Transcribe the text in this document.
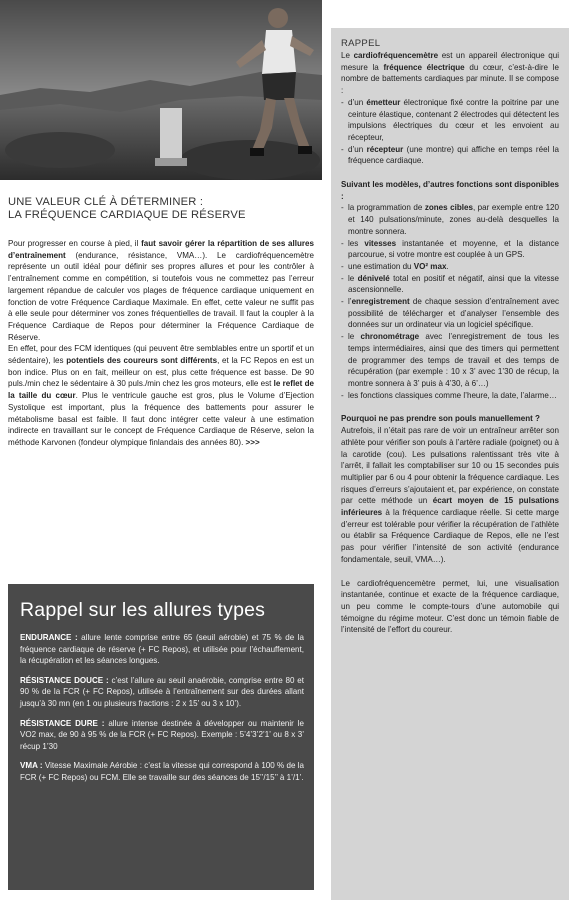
UNE VALEUR CLÉ À DÉTERMINER :
LA FRÉQUENCE CARDIAQUE DE RÉSERVE

Pour progresser en course à pied, il faut savoir gérer la répartition de ses allures d’entraînement (endurance, résistance, VMA…). Le cardiofréquencemètre représente un outil idéal pour définir ses propres allures et pour les contrôler à l’entraînement comme en compétition, si toutefois vous ne commettez pas l’erreur largement répandue de calculer vos plages de fréquence cardiaque uniquement en fonction de votre Fréquence Cardiaque Maximale. En effet, cette valeur ne suffit pas à elle seule pour déterminer vos zones fréquentielles de travail. Il faut la coupler à la Fréquence Cardiaque de Repos pour déterminer la Fréquence Cardiaque de Réserve.

En effet, pour des FCM identiques (qui peuvent être semblables entre un sportif et un sédentaire), les potentiels des coureurs sont différents, et la FC Repos en est un bon indice. Plus on en fait, meilleur on est, plus cette fréquence est basse. De 90 puls./min chez le sédentaire à 30 puls./min chez les gros moteurs, elle est le reflet de la taille du cœur. Plus le ventricule gauche est gros, plus le Volume d’Ejection Systolique est important, plus la fréquence des battements pour assurer le métabolisme basal est faible. Il faut donc intégrer cette valeur à une estimation indirecte en travaillant sur le concept de Fréquence Cardiaque de Réserve, selon la méthode Karvonen (fondeur olympique finlandais des années 80). >>>

Rappel sur les allures types

ENDURANCE : allure lente comprise entre 65 (seuil aérobie) et 75 % de la fréquence cardiaque de réserve (+ FC Repos), et utilisée pour l’échauffement, la récupération et les séances longues.

RÉSISTANCE DOUCE : c’est l’allure au seuil anaérobie, comprise entre 80 et 90 % de la FCR (+ FC Repos), utilisée à l’entraînement sur des durées allant jusqu’à 30 mn (en 1 ou plusieurs fractions : 2 x 15’ ou 3 x 10’).

RÉSISTANCE DURE : allure intense destinée à développer ou maintenir le VO2 max, de 90 à 95 % de la FCR (+ FC Repos). Exemple : 5’4’3’2’1’ ou 8 x 3’ récup 1’30

VMA : Vitesse Maximale Aérobie : c’est la vitesse qui correspond à 100 % de la FCR (+ FC Repos) ou FCM. Elle se travaille sur des séances de 15’’/15’’ à 1’/1’.

RAPPEL

Le cardiofréquencemètre est un appareil électronique qui mesure la fréquence électrique du cœur, c’est-à-dire le nombre de battements cardiaques par minute. Il se compose :

- d’un émetteur électronique fixé contre la poitrine par une ceinture élastique, contenant 2 électrodes qui détectent les impulsions électriques du cœur et les envoient au récepteur,
- d’un récepteur (une montre) qui affiche en temps réel la fréquence cardiaque.

Suivant les modèles, d’autres fonctions sont disponibles :

- la programmation de zones cibles, par exemple entre 120 et 140 pulsations/minute, zones au-delà desquelles la montre sonnera.
- les vitesses instantanée et moyenne, et la distance parcourue, si votre montre est couplée à un GPS.
- une estimation du VO² max.
- le dénivelé total en positif et négatif, ainsi que la vitesse ascensionnelle.
- l’enregistrement de chaque session d’entraînement avec possibilité de télécharger et d’analyser l’ensemble des données sur un ordinateur via un logiciel spécifique.
- le chronométrage avec l’enregistrement de tous les temps intermédiaires, ainsi que des timers qui permettent de programmer des temps de travail et des temps de récupération (par exemple : 10 x 3’ avec 1’30 de récup, la montre sonnera à 3’ puis à 4’30, à 6’…)
- les fonctions classiques comme l’heure, la date, l’alarme…

Pourquoi ne pas prendre son pouls manuellement ?

Autrefois, il n’était pas rare de voir un entraîneur arrêter son athlète pour vérifier son pouls à l’artère radiale (poignet) ou à la carotide (cou). Les pulsations ralentissant très vite à l’arrêt, il fallait les comptabiliser sur 10 ou 15 secondes puis multiplier par 6 ou 4 pour obtenir la fréquence cardiaque. Les risques d’erreurs s’ajoutaient et, par expérience, on constate par cette méthode un écart moyen de 15 pulsations inférieures à la fréquence cardiaque réelle. Si cette marge d’erreur est tolérable pour vérifier la récupération de l’athlète ou établir sa Fréquence Cardiaque de Repos, elle ne l’est pas pour vérifier l’intensité de son activité (endurance fondamentale, seuil, VMA…).

Le cardiofréquencemètre permet, lui, une visualisation instantanée, continue et exacte de la fréquence cardiaque, un peu comme le compte-tours d’une automobile qui témoigne du régime moteur. C’est donc un témoin fiable de l’intensité de l’effort du coureur.
